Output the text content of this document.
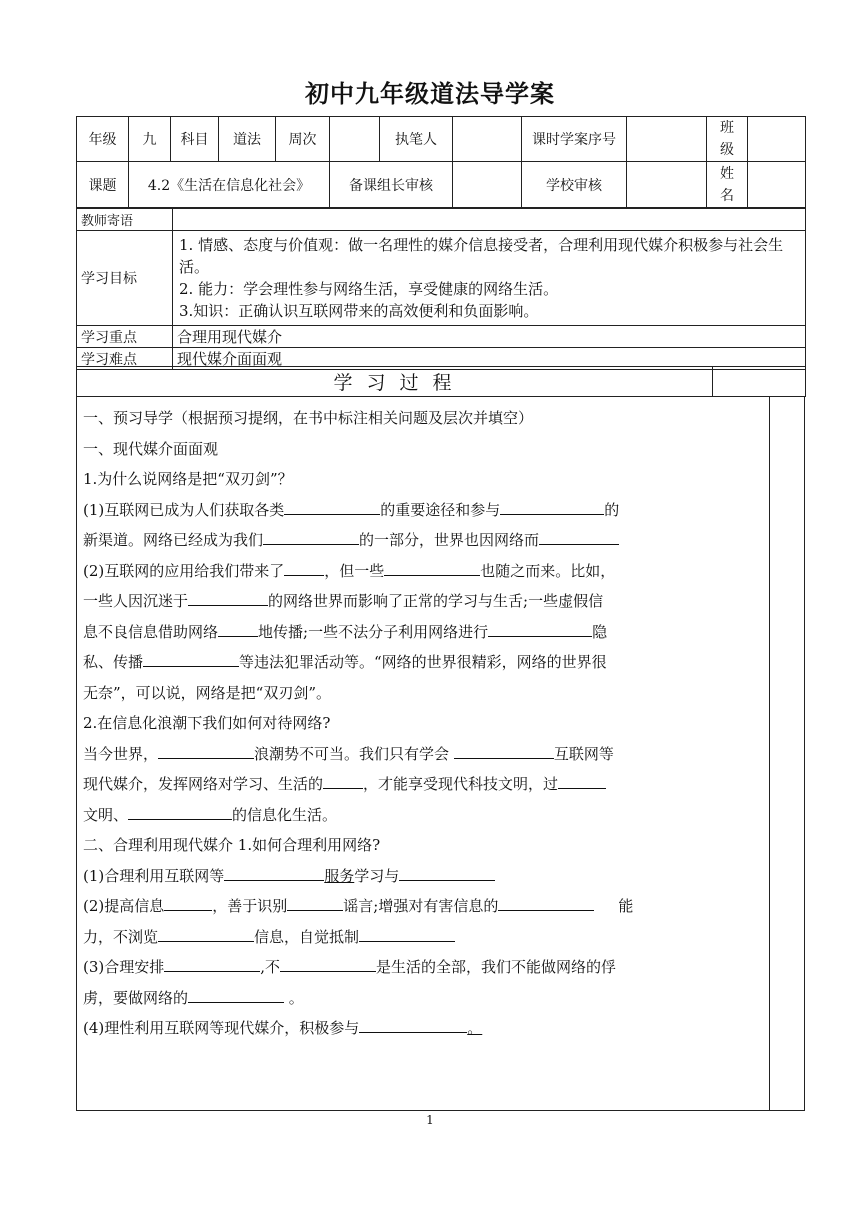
初中九年级道法导学案
年级	九	科目	道法	周次		执笔人		课时学案序号		班级	
课题	4.2《生活在信息化社会》				备课组长审核			学校审核		姓名	
教师寄语	
学习目标	1. 情感、态度与价值观：做一名理性的媒介信息接受者，合理利用现代媒介积极参与社会生活。
2. 能力：学会理性参与网络生活，享受健康的网络生活。
3.知识：正确认识互联网带来的高效便利和负面影响。

学习重点	合理用现代媒介
学习难点	现代媒介面面观
学 习 过 程	

一、预习导学（根据预习提纲，在书中标注相关问题及层次并填空）

一、现代媒介面面观

1.为什么说网络是把“双刃剑”？

(1)互联网已成为人们获取各类	的重要途径和参与	的

新渠道。网络已经成为我们	的一部分，世界也因网络而

(2)互联网的应用给我们带来了	，但一些	也随之而来。比如，

一些人因沉迷于	的网络世界而影响了正常的学习与生舌;一些虚假信

息不良信息借助网络	地传播;一些不法分子利用网络进行	隐

私、传播	等违法犯罪活动等。“网络的世界很精彩，网络的世界很

无奈”，可以说，网络是把“双刃剑”。

2.在信息化浪潮下我们如何对待网络?

当今世界，	浪潮势不可当。我们只有学会	互联网等

现代媒介，发挥网络对学习、生活的	，才能享受现代科技文明，过

文明、	的信息化生活。

二、合理利用现代媒介 1.如何合理利用网络?

(1)合理利用互联网等	服务学习与

(2)提高信息	，善于识别	谣言;增强对有害信息的	能

力，不浏览	信息，自觉抵制

(3)合理安排	,不	是生活的全部，我们不能做网络的俘

虏，要做网络的	。

(4)理性利用互联网等现代媒介，积极参与	。

1
